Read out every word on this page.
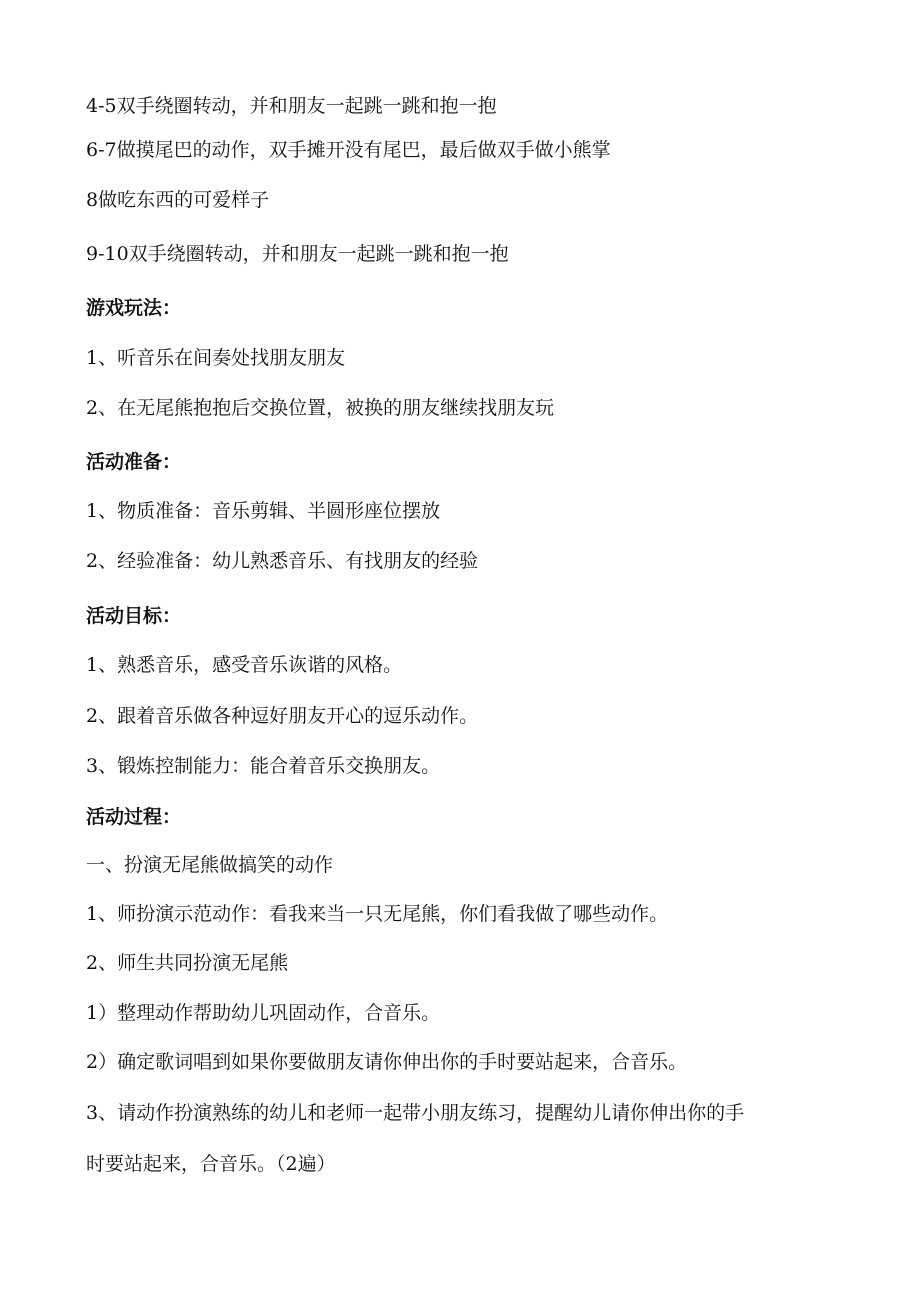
4-5双手绕圈转动，并和朋友一起跳一跳和抱一抱
6-7做摸尾巴的动作，双手摊开没有尾巴，最后做双手做小熊掌
8做吃东西的可爱样子
9-10双手绕圈转动，并和朋友一起跳一跳和抱一抱
游戏玩法：
1、听音乐在间奏处找朋友朋友
2、在无尾熊抱抱后交换位置，被换的朋友继续找朋友玩
活动准备：
1、物质准备：音乐剪辑、半圆形座位摆放
2、经验准备：幼儿熟悉音乐、有找朋友的经验
活动目标：
1、熟悉音乐，感受音乐诙谐的风格。
2、跟着音乐做各种逗好朋友开心的逗乐动作。
3、锻炼控制能力：能合着音乐交换朋友。
活动过程：
一、扮演无尾熊做搞笑的动作
1、师扮演示范动作：看我来当一只无尾熊，你们看我做了哪些动作。
2、师生共同扮演无尾熊
1）整理动作帮助幼儿巩固动作，合音乐。
2）确定歌词唱到如果你要做朋友请你伸出你的手时要站起来，合音乐。
3、请动作扮演熟练的幼儿和老师一起带小朋友练习，提醒幼儿请你伸出你的手
时要站起来，合音乐。（2遍）
